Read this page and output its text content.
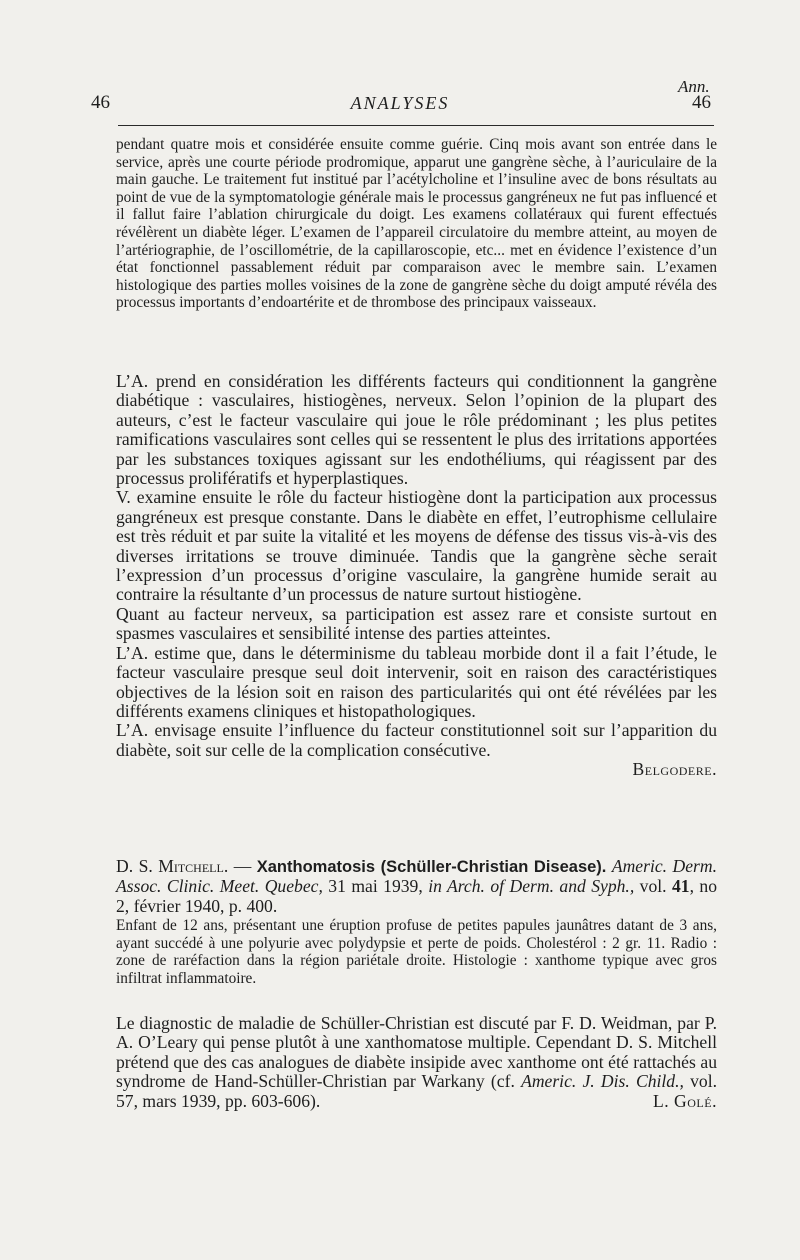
Ann.
46	ANALYSES	46

pendant quatre mois et considérée ensuite comme guérie. Cinq mois avant son entrée dans le service, après une courte période prodromique, apparut une gangrène sèche, à l’auriculaire de la main gauche. Le traitement fut institué par l’acétylcholine et l’insuline avec de bons résultats au point de vue de la symptomatologie générale mais le processus gangréneux ne fut pas influencé et il fallut faire l’ablation chirurgicale du doigt. Les examens collatéraux qui furent effectués révélèrent un diabète léger. L’examen de l’appareil circulatoire du membre atteint, au moyen de l’artériographie, de l’oscillométrie, de la capillaroscopie, etc... met en évidence l’existence d’un état fonctionnel passablement réduit par comparaison avec le membre sain. L’examen histologique des parties molles voisines de la zone de gangrène sèche du doigt amputé révéla des processus importants d’endoartérite et de thrombose des principaux vaisseaux.

L’A. prend en considération les différents facteurs qui conditionnent la gangrène diabétique : vasculaires, histiogènes, nerveux. Selon l’opinion de la plupart des auteurs, c’est le facteur vasculaire qui joue le rôle prédominant ; les plus petites ramifications vasculaires sont celles qui se ressentent le plus des irritations apportées par les substances toxiques agissant sur les endothéliums, qui réagissent par des processus prolifératifs et hyperplastiques.

V. examine ensuite le rôle du facteur histiogène dont la participation aux processus gangréneux est presque constante. Dans le diabète en effet, l’eutrophisme cellulaire est très réduit et par suite la vitalité et les moyens de défense des tissus vis-à-vis des diverses irritations se trouve diminuée. Tandis que la gangrène sèche serait l’expression d’un processus d’origine vasculaire, la gangrène humide serait au contraire la résultante d’un processus de nature surtout histiogène.

Quant au facteur nerveux, sa participation est assez rare et consiste surtout en spasmes vasculaires et sensibilité intense des parties atteintes.

L’A. estime que, dans le déterminisme du tableau morbide dont il a fait l’étude, le facteur vasculaire presque seul doit intervenir, soit en raison des caractéristiques objectives de la lésion soit en raison des particularités qui ont été révélées par les différents examens cliniques et histopathologiques.

L’A. envisage ensuite l’influence du facteur constitutionnel soit sur l’apparition du diabète, soit sur celle de la complication consécutive.

Belgodere.

D. S. Mitchell. — Xanthomatosis (Schüller-Christian Disease). Americ. Derm. Assoc. Clinic. Meet. Quebec, 31 mai 1939, in Arch. of Derm. and Syph., vol. 41, no 2, février 1940, p. 400.

Enfant de 12 ans, présentant une éruption profuse de petites papules jaunâtres datant de 3 ans, ayant succédé à une polyurie avec polydypsie et perte de poids. Cholestérol : 2 gr. 11. Radio : zone de raréfaction dans la région pariétale droite. Histologie : xanthome typique avec gros infiltrat inflammatoire.

Le diagnostic de maladie de Schüller-Christian est discuté par F. D. Weidman, par P. A. O’Leary qui pense plutôt à une xanthomatose multiple. Cependant D. S. Mitchell prétend que des cas analogues de diabète insipide avec xanthome ont été rattachés au syndrome de Hand-Schüller-Christian par Warkany (cf. Americ. J. Dis. Child., vol. 57, mars 1939, pp. 603-606).	L. Golé.
